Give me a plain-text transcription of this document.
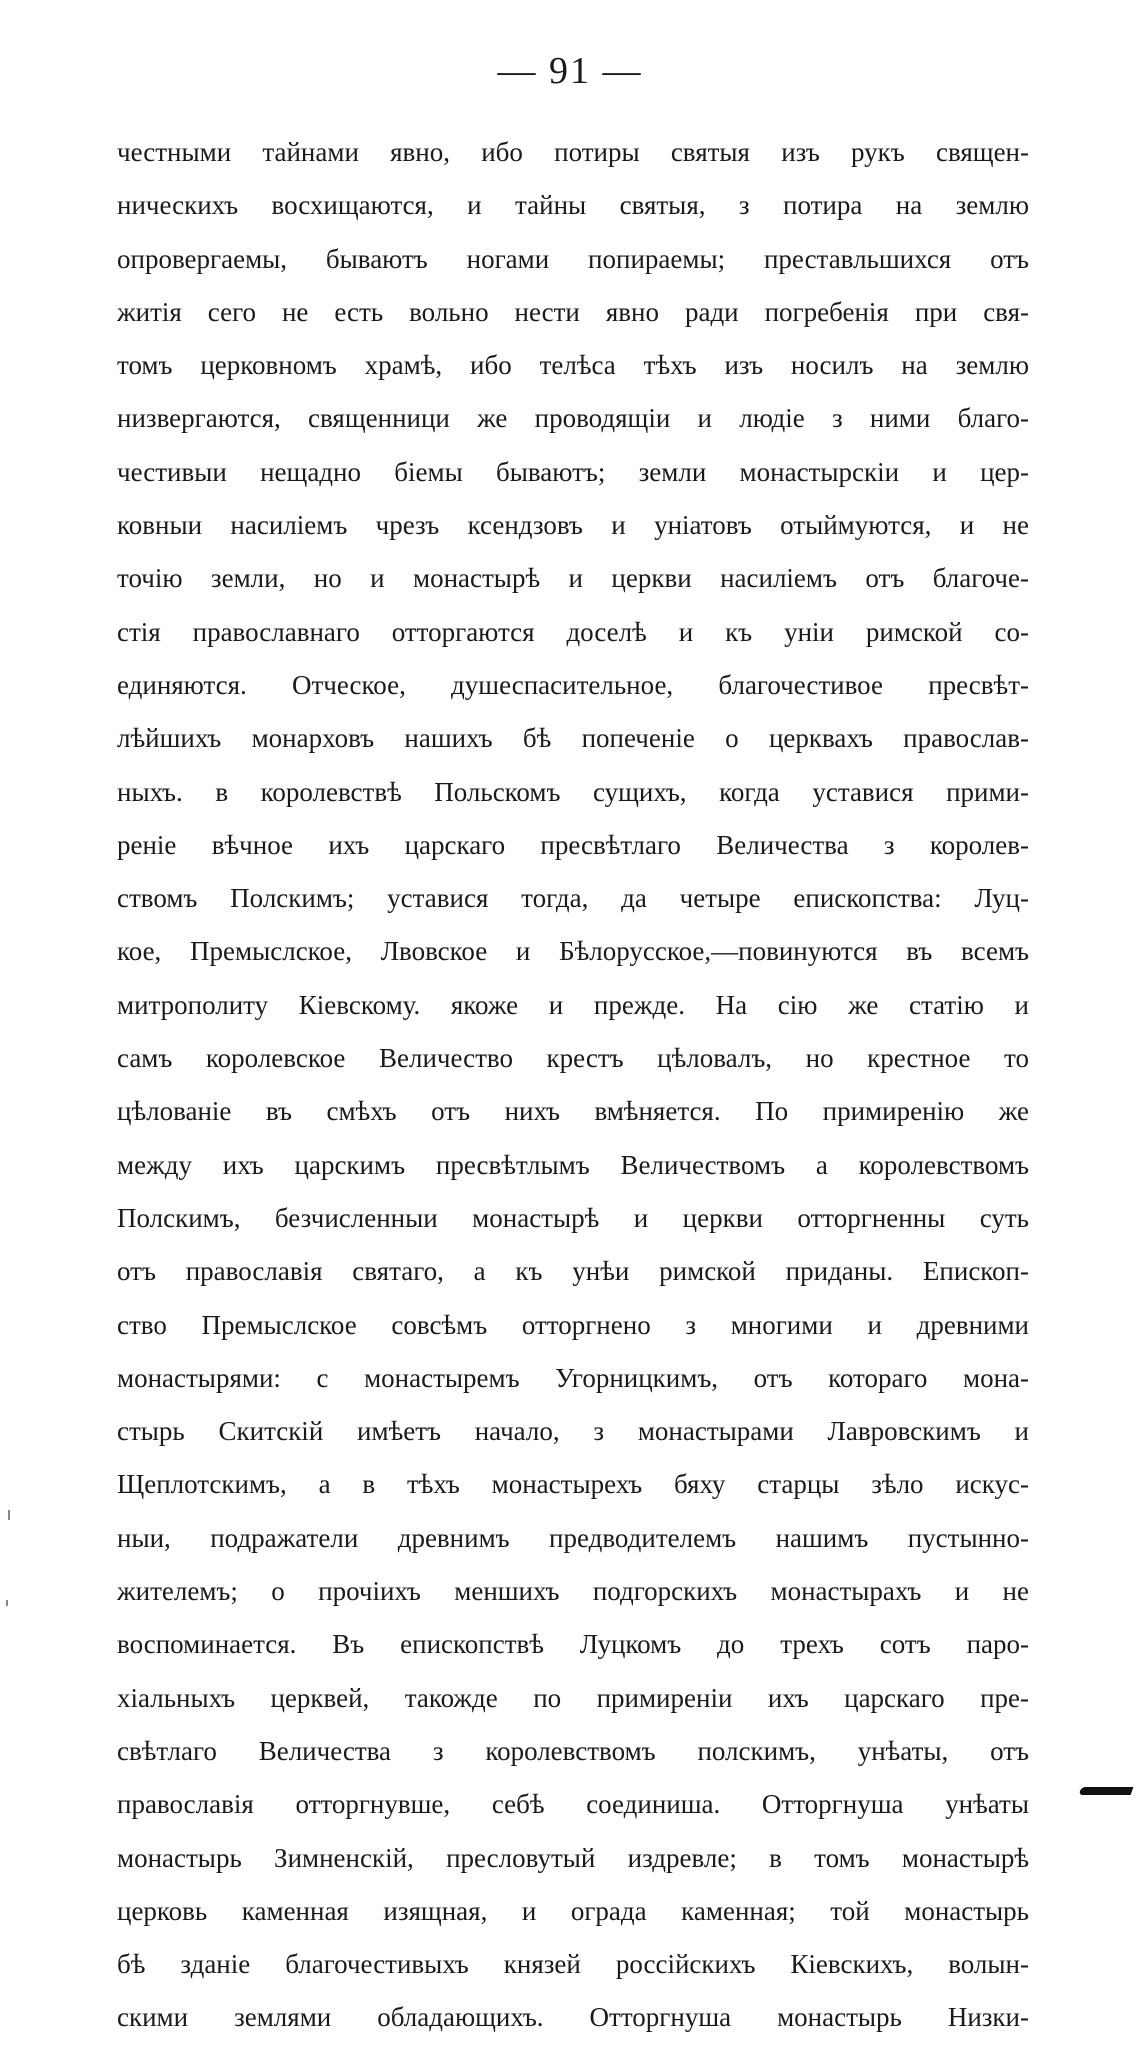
— 91 —
честными тайнами явно, ибо потиры святыя изъ рукъ священ-
ническихъ восхищаются, и тайны святыя, з потира на землю
опровергаемы, бываютъ ногами попираемы; преставльшихся отъ
житія сего не есть вольно нести явно ради погребенія при свя-
томъ церковномъ храмѣ, ибо телѣса тѣхъ изъ носилъ на землю
низвергаются, священници же проводящіи и людіе з ними благо-
честивыи нещадно біемы бываютъ; земли монастырскіи и цер-
ковныи насиліемъ чрезъ ксендзовъ и уніатовъ отыймуются, и не
точію земли, но и монастырѣ и церкви насиліемъ отъ благоче-
стія православнаго отторгаются доселѣ и къ уніи римской со-
единяются. Отческое, душеспасительное, благочестивое пресвѣт-
лѣйшихъ монарховъ нашихъ бѣ попеченіе о церквахъ православ-
ныхъ. в королевствѣ Польскомъ сущихъ, когда уставися прими-
реніе вѣчное ихъ царскаго пресвѣтлаго Величества з королев-
ствомъ Полскимъ; уставися тогда, да четыре епископства: Луц-
кое, Премыслское, Лвовское и Бѣлорусское,—повинуются въ всемъ
митрополиту Кіевскому. якоже и прежде. На сію же статію и
самъ королевское Величество крестъ цѣловалъ, но крестное то
цѣлованіе въ смѣхъ отъ нихъ вмѣняется. По примиренію же
между ихъ царскимъ пресвѣтлымъ Величествомъ а королевствомъ
Полскимъ, безчисленныи монастырѣ и церкви отторгненны суть
отъ православія святаго, а къ унѣи римской приданы. Епископ-
ство Премыслское совсѣмъ отторгнено з многими и древними
монастырями: с монастыремъ Угорницкимъ, отъ котораго мона-
стырь Скитскій имѣетъ начало, з монастырами Лавровскимъ и
Щеплотскимъ, а в тѣхъ монастырехъ бяху старцы зѣло искус-
ныи, подражатели древнимъ предводителемъ нашимъ пустынно-
жителемъ; о прочіихъ меншихъ подгорскихъ монастырахъ и не
воспоминается. Въ епископствѣ Луцкомъ до трехъ сотъ паро-
хіальныхъ церквей, такожде по примиреніи ихъ царскаго пре-
свѣтлаго Величества з королевствомъ полскимъ, унѣаты, отъ
православія отторгнувше, себѣ соединиша. Отторгнуша унѣаты
монастырь Зимненскій, пресловутый издревле; в томъ монастырѣ
церковь каменная изящная, и ограда каменная; той монастырь
бѣ зданіе благочестивыхъ князей россійскихъ Кіевскихъ, волын-
скими землями обладающихъ. Отторгнуша монастырь Низки-
